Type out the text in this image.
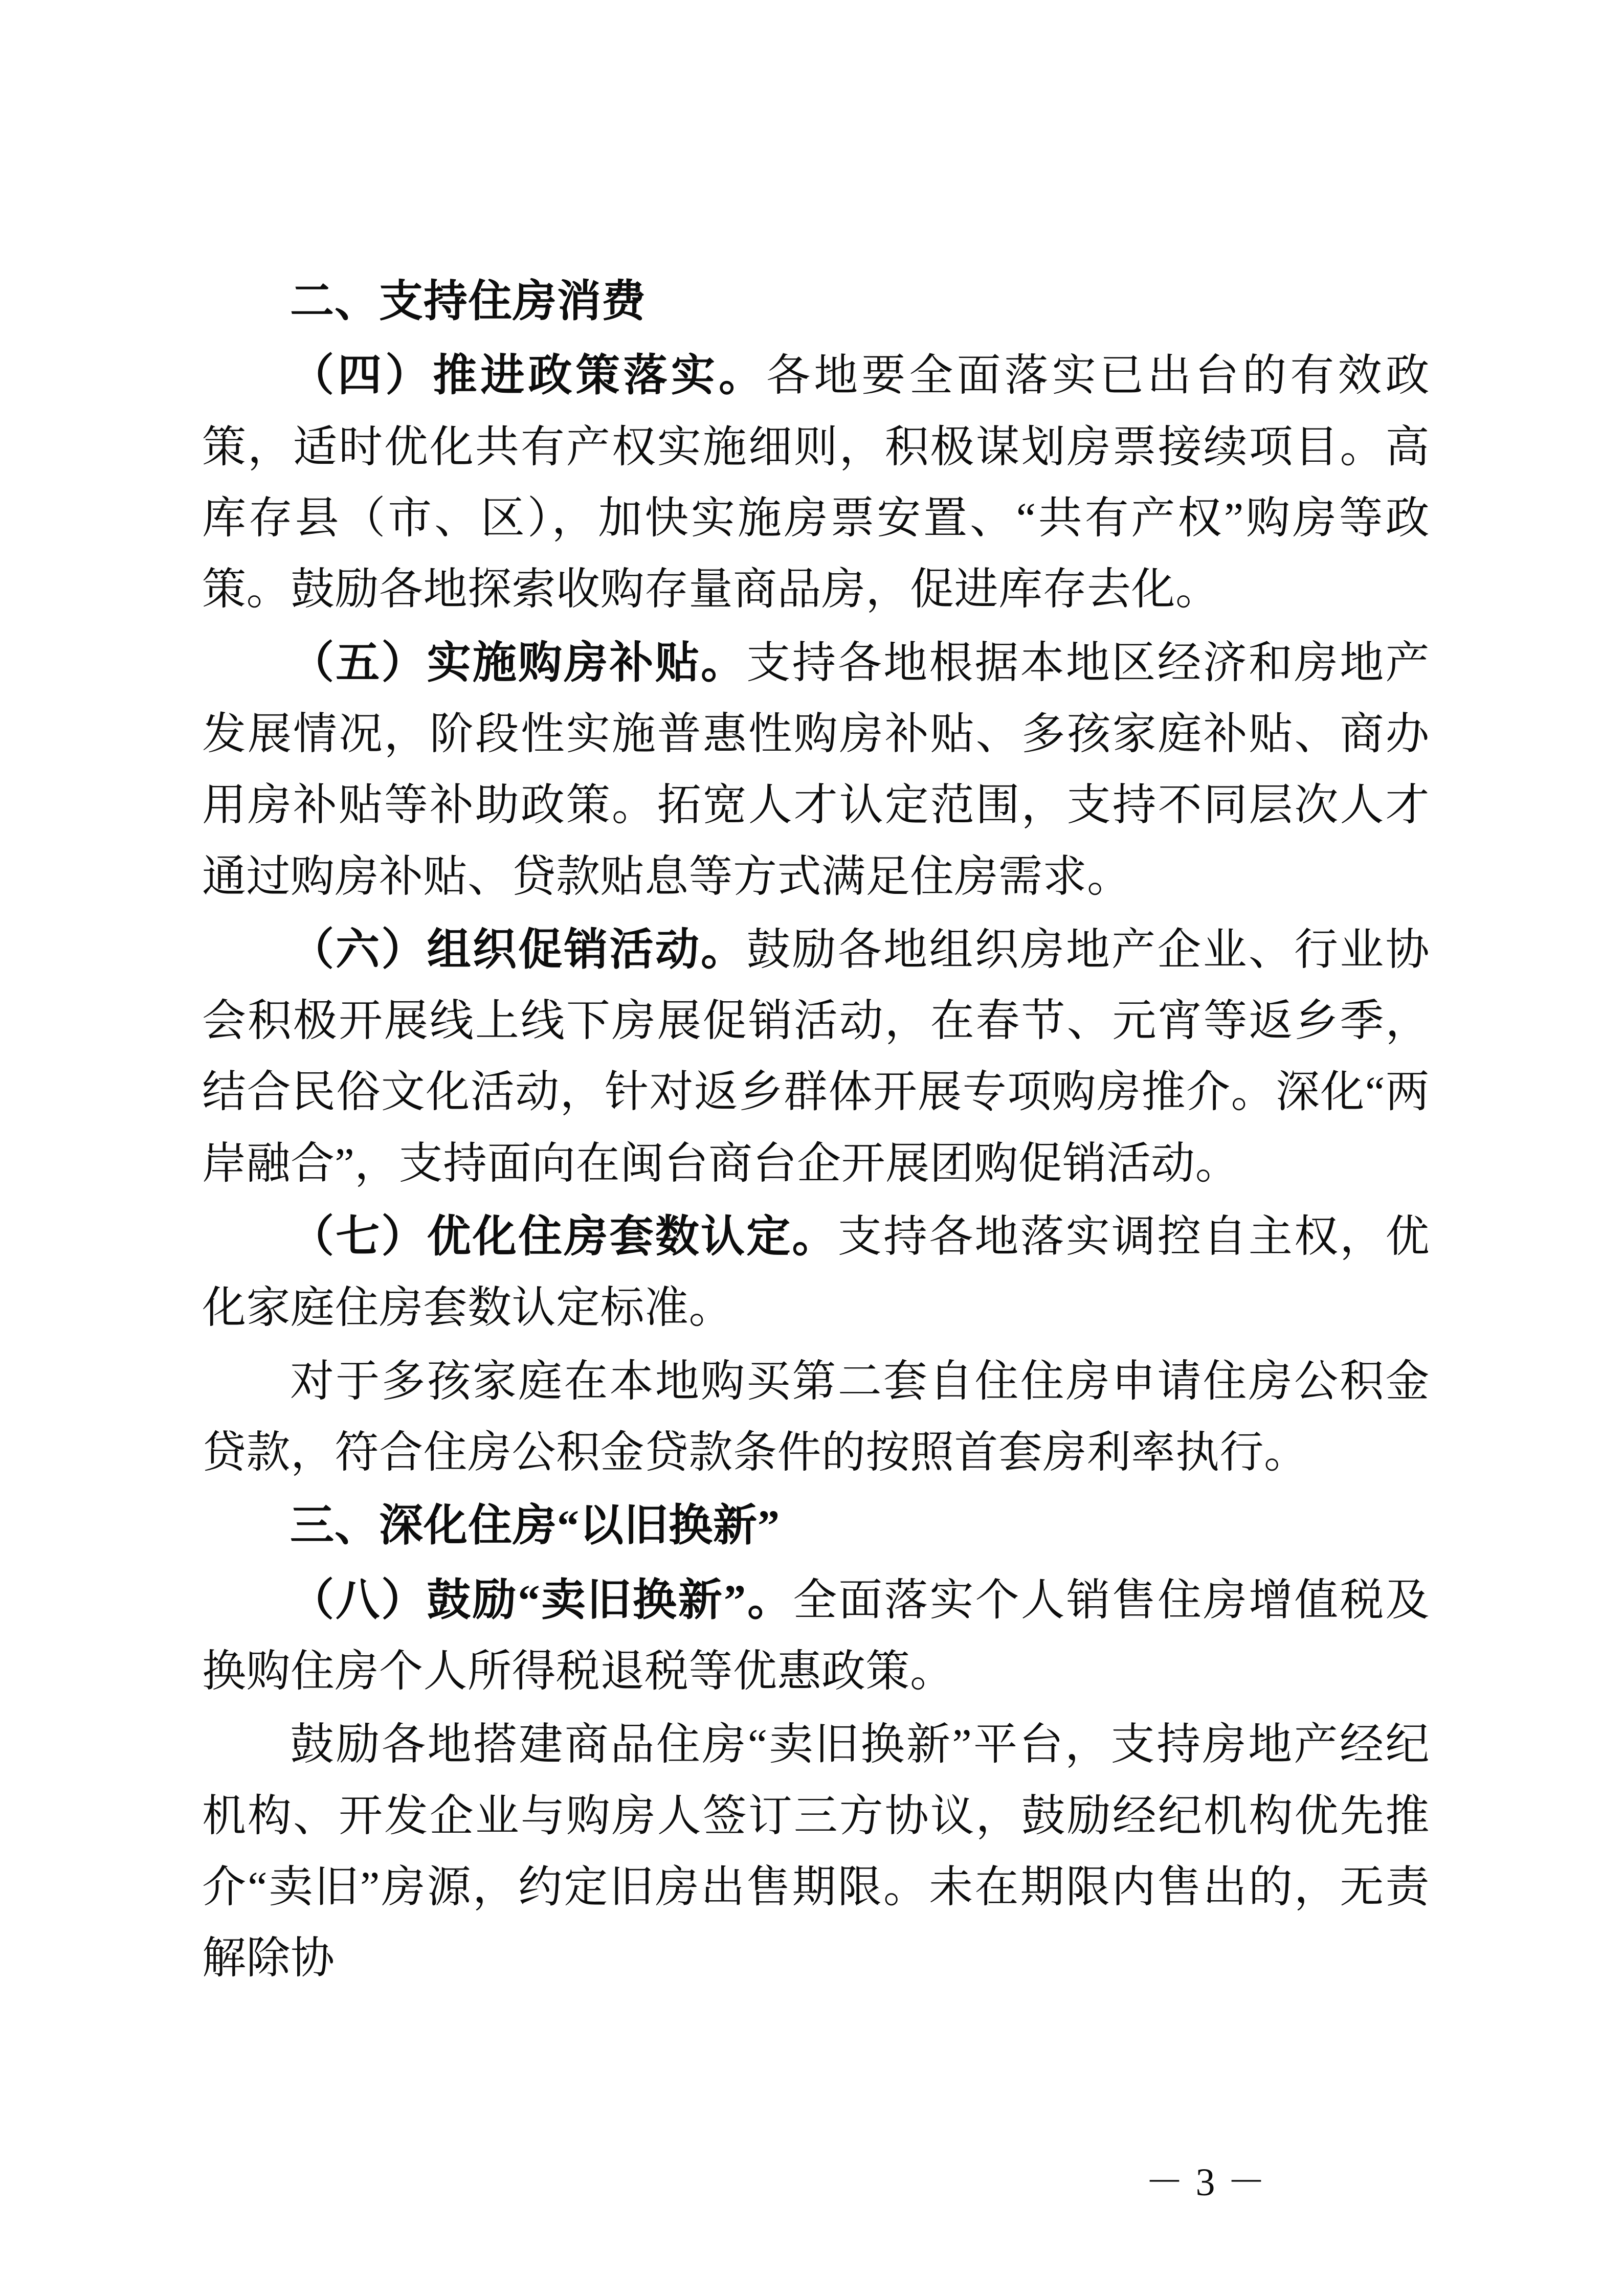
二、支持住房消费

（四）推进政策落实。各地要全面落实已出台的有效政策，适时优化共有产权实施细则，积极谋划房票接续项目。高库存县（市、区），加快实施房票安置、“共有产权”购房等政策。鼓励各地探索收购存量商品房，促进库存去化。

（五）实施购房补贴。支持各地根据本地区经济和房地产发展情况，阶段性实施普惠性购房补贴、多孩家庭补贴、商办用房补贴等补助政策。拓宽人才认定范围，支持不同层次人才通过购房补贴、贷款贴息等方式满足住房需求。

（六）组织促销活动。鼓励各地组织房地产企业、行业协会积极开展线上线下房展促销活动，在春节、元宵等返乡季，结合民俗文化活动，针对返乡群体开展专项购房推介。深化“两岸融合”，支持面向在闽台商台企开展团购促销活动。

（七）优化住房套数认定。支持各地落实调控自主权，优化家庭住房套数认定标准。

对于多孩家庭在本地购买第二套自住住房申请住房公积金贷款，符合住房公积金贷款条件的按照首套房利率执行。

三、深化住房“以旧换新”

（八）鼓励“卖旧换新”。全面落实个人销售住房增值税及换购住房个人所得税退税等优惠政策。

鼓励各地搭建商品住房“卖旧换新”平台，支持房地产经纪机构、开发企业与购房人签订三方协议，鼓励经纪机构优先推介“卖旧”房源，约定旧房出售期限。未在期限内售出的，无责解除协

－ 3 －
